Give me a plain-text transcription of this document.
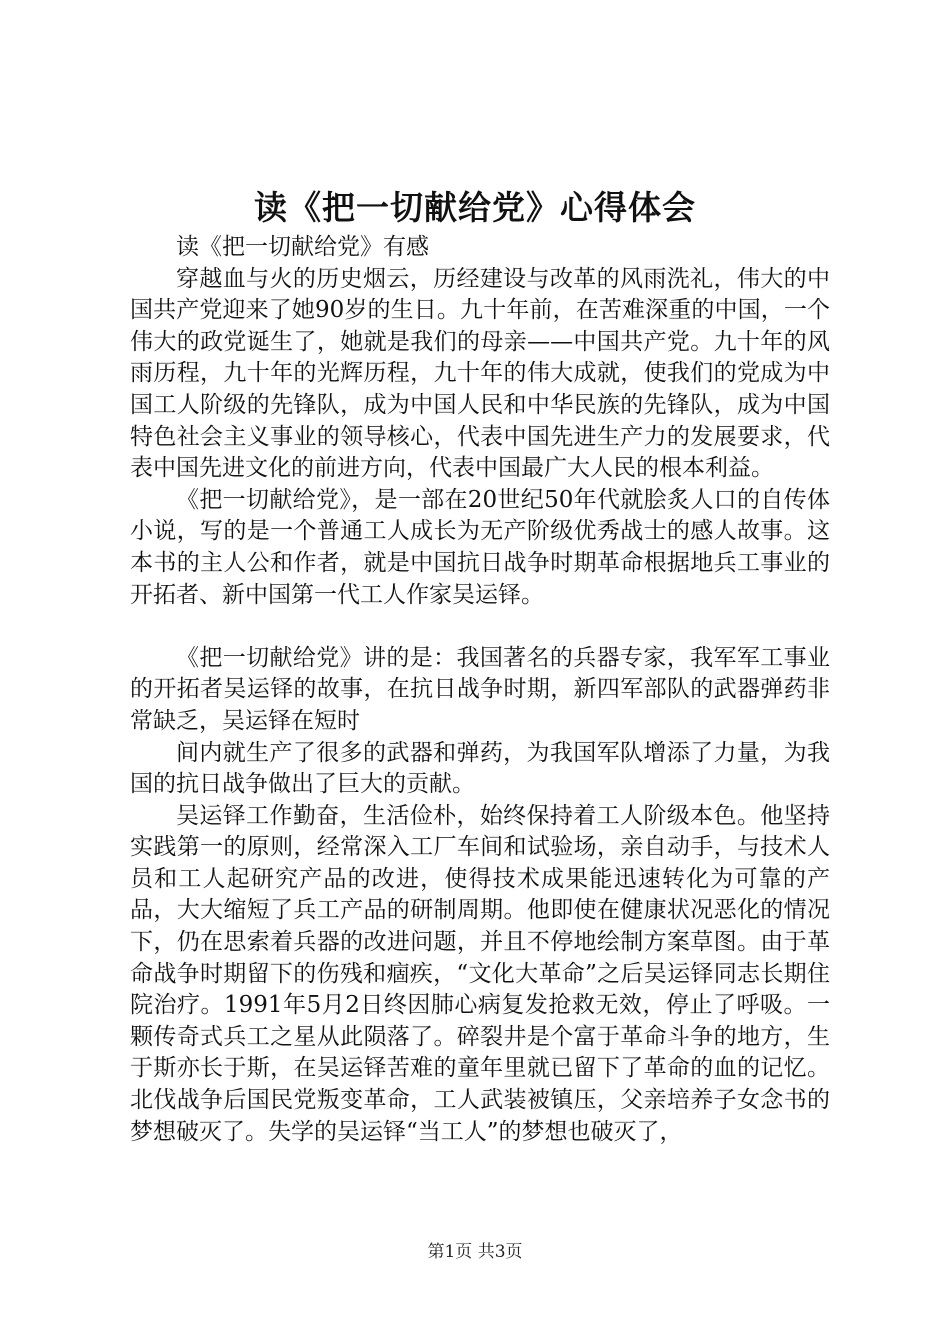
读《把一切献给党》心得体会

读《把一切献给党》有感

穿越血与火的历史烟云，历经建设与改革的风雨洗礼，伟大的中国共产党迎来了她90岁的生日。九十年前，在苦难深重的中国，一个伟大的政党诞生了，她就是我们的母亲——中国共产党。九十年的风雨历程，九十年的光辉历程，九十年的伟大成就，使我们的党成为中国工人阶级的先锋队，成为中国人民和中华民族的先锋队，成为中国特色社会主义事业的领导核心，代表中国先进生产力的发展要求，代表中国先进文化的前进方向，代表中国最广大人民的根本利益。

《把一切献给党》，是一部在20世纪50年代就脍炙人口的自传体小说，写的是一个普通工人成长为无产阶级优秀战士的感人故事。这本书的主人公和作者，就是中国抗日战争时期革命根据地兵工事业的开拓者、新中国第一代工人作家吴运铎。

《把一切献给党》讲的是：我国著名的兵器专家，我军军工事业的开拓者吴运铎的故事，在抗日战争时期，新四军部队的武器弹药非常缺乏，吴运铎在短时

间内就生产了很多的武器和弹药，为我国军队增添了力量，为我国的抗日战争做出了巨大的贡献。

吴运铎工作勤奋，生活俭朴，始终保持着工人阶级本色。他坚持实践第一的原则，经常深入工厂车间和试验场，亲自动手，与技术人员和工人起研究产品的改进，使得技术成果能迅速转化为可靠的产品，大大缩短了兵工产品的研制周期。他即使在健康状况恶化的情况下，仍在思索着兵器的改进问题，并且不停地绘制方案草图。由于革命战争时期留下的伤残和痼疾，“文化大革命”之后吴运铎同志长期住院治疗。1991年5月2日终因肺心病复发抢救无效，停止了呼吸。一颗传奇式兵工之星从此陨落了。碎裂井是个富于革命斗争的地方，生于斯亦长于斯，在吴运铎苦难的童年里就已留下了革命的血的记忆。北伐战争后国民党叛变革命，工人武装被镇压，父亲培养子女念书的梦想破灭了。失学的吴运铎“当工人”的梦想也破灭了，

第1页 共3页
